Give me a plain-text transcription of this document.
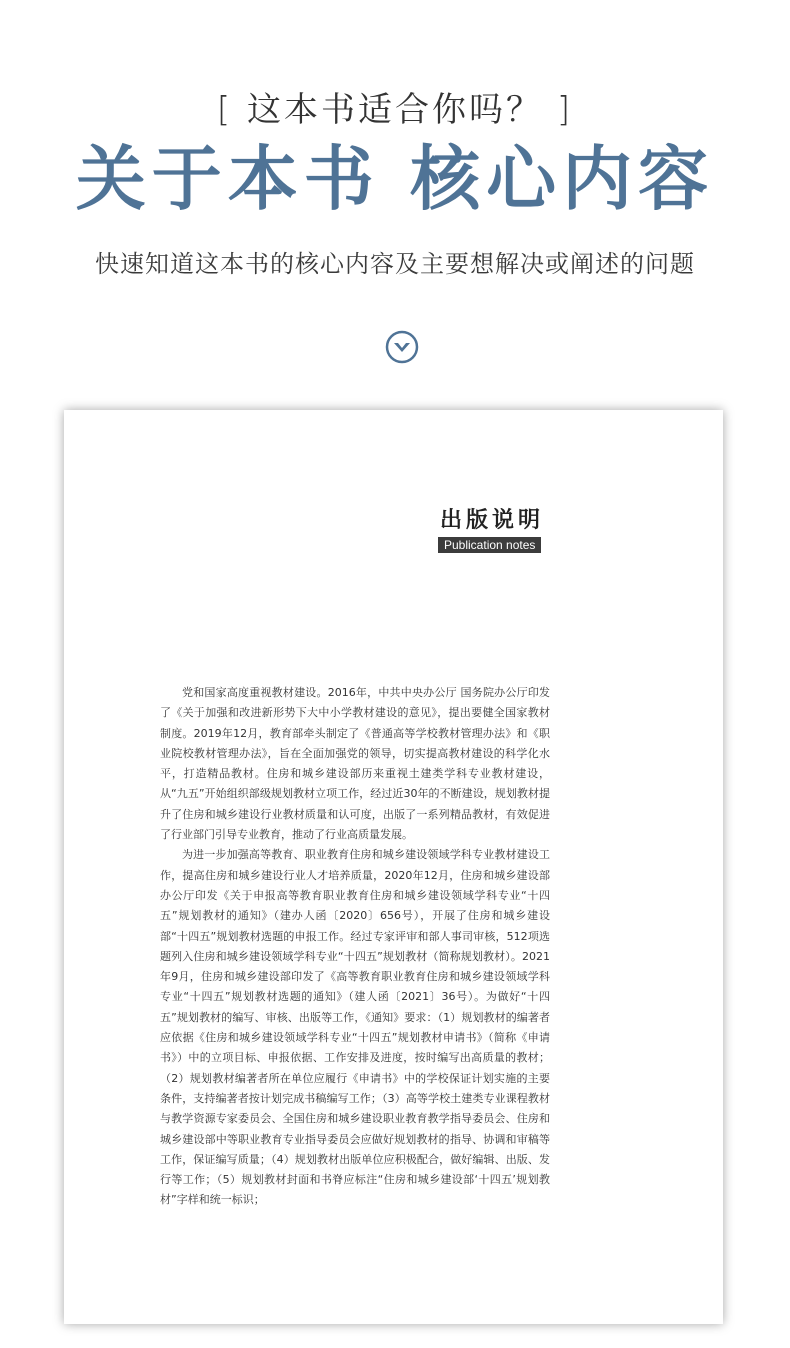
[ 这本书适合你吗？ ]
关于本书 核心内容
快速知道这本书的核心内容及主要想解决或阐述的问题
出版说明
Publication notes

党和国家高度重视教材建设。2016年，中共中央办公厅 国务院办公厅印发了《关于加强和改进新形势下大中小学教材建设的意见》，提出要健全国家教材制度。2019年12月，教育部牵头制定了《普通高等学校教材管理办法》和《职业院校教材管理办法》，旨在全面加强党的领导，切实提高教材建设的科学化水平，打造精品教材。住房和城乡建设部历来重视土建类学科专业教材建设，从“九五”开始组织部级规划教材立项工作，经过近30年的不断建设，规划教材提升了住房和城乡建设行业教材质量和认可度，出版了一系列精品教材，有效促进了行业部门引导专业教育，推动了行业高质量发展。

为进一步加强高等教育、职业教育住房和城乡建设领域学科专业教材建设工作，提高住房和城乡建设行业人才培养质量，2020年12月，住房和城乡建设部办公厅印发《关于申报高等教育职业教育住房和城乡建设领域学科专业“十四五”规划教材的通知》（建办人函〔2020〕656号），开展了住房和城乡建设部“十四五”规划教材选题的申报工作。经过专家评审和部人事司审核，512项选题列入住房和城乡建设领域学科专业“十四五”规划教材（简称规划教材）。2021年9月，住房和城乡建设部印发了《高等教育职业教育住房和城乡建设领域学科专业“十四五”规划教材选题的通知》（建人函〔2021〕36号）。为做好“十四五”规划教材的编写、审核、出版等工作，《通知》要求：（1）规划教材的编著者应依据《住房和城乡建设领域学科专业“十四五”规划教材申请书》（简称《申请书》）中的立项目标、申报依据、工作安排及进度，按时编写出高质量的教材；（2）规划教材编著者所在单位应履行《申请书》中的学校保证计划实施的主要条件，支持编著者按计划完成书稿编写工作；（3）高等学校土建类专业课程教材与教学资源专家委员会、全国住房和城乡建设职业教育教学指导委员会、住房和城乡建设部中等职业教育专业指导委员会应做好规划教材的指导、协调和审稿等工作，保证编写质量；（4）规划教材出版单位应积极配合，做好编辑、出版、发行等工作；（5）规划教材封面和书脊应标注“住房和城乡建设部‘十四五’规划教材”字样和统一标识；
